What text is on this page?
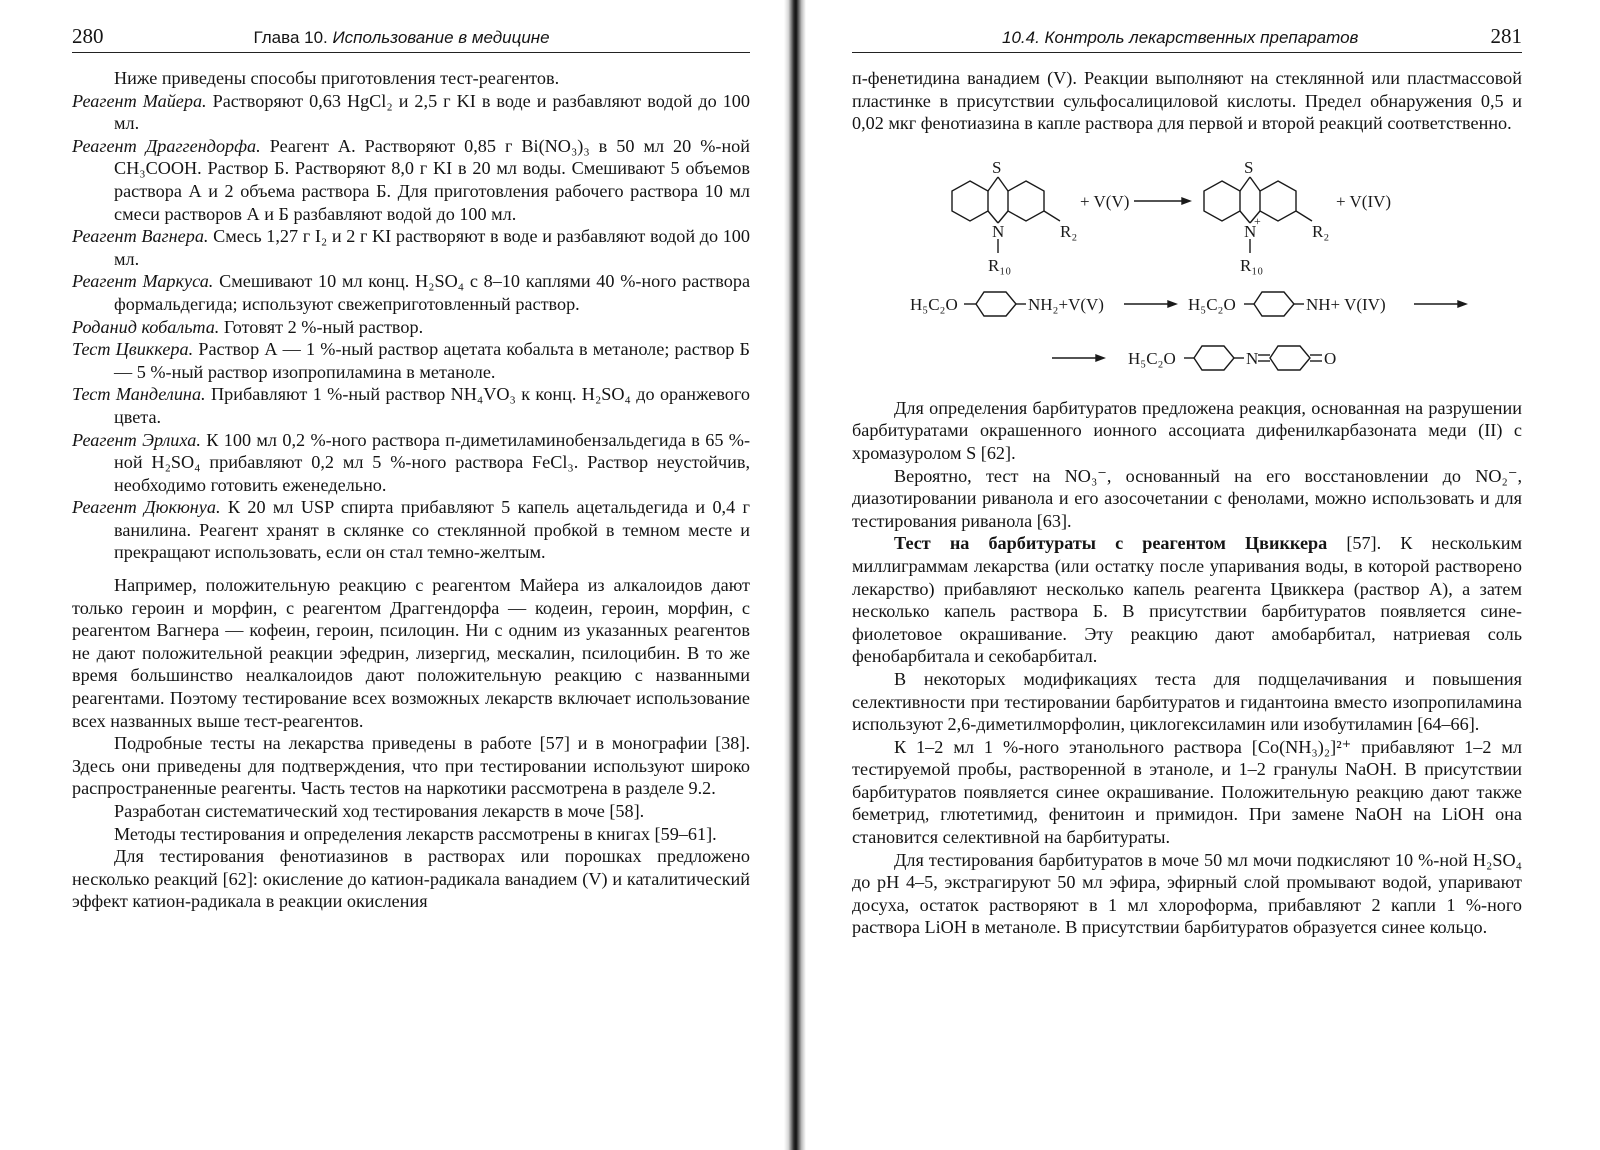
280	Глава 10. Использование в медицине

Ниже приведены способы приготовления тест-реагентов.

Реагент Майера. Растворяют 0,63 HgCl₂ и 2,5 г KI в воде и разбавляют водой до 100 мл.

Реагент Драггендорфа. Реагент А. Растворяют 0,85 г Bi(NO₃)₃ в 50 мл 20 %-ной CH₃COOH. Раствор Б. Растворяют 8,0 г KI в 20 мл воды. Смешивают 5 объемов раствора А и 2 объема раствора Б. Для приготовления рабочего раствора 10 мл смеси растворов А и Б разбавляют водой до 100 мл.

Реагент Вагнера. Смесь 1,27 г I₂ и 2 г KI растворяют в воде и разбавляют водой до 100 мл.

Реагент Маркуса. Смешивают 10 мл конц. H₂SO₄ с 8–10 каплями 40 %-ного раствора формальдегида; используют свежеприготовленный раствор.

Роданид кобальта. Готовят 2 %-ный раствор.

Тест Цвиккера. Раствор А — 1 %-ный раствор ацетата кобальта в метаноле; раствор Б — 5 %-ный раствор изопропиламина в метаноле.

Тест Манделина. Прибавляют 1 %-ный раствор NH₄VO₃ к конц. H₂SO₄ до оранжевого цвета.

Реагент Эрлиха. К 100 мл 0,2 %-ного раствора п-диметиламинобензальдегида в 65 %-ной H₂SO₄ прибавляют 0,2 мл 5 %-ного раствора FeCl₃. Раствор неустойчив, необходимо готовить еженедельно.

Реагент Дюкюнуа. К 20 мл USP спирта прибавляют 5 капель ацетальдегида и 0,4 г ванилина. Реагент хранят в склянке со стеклянной пробкой в темном месте и прекращают использовать, если он стал темно-желтым.

Например, положительную реакцию с реагентом Майера из алкалоидов дают только героин и морфин, с реагентом Драггендорфа — кодеин, героин, морфин, с реагентом Вагнера — кофеин, героин, псилоцин. Ни с одним из указанных реагентов не дают положительной реакции эфедрин, лизергид, мескалин, псилоцибин. В то же время большинство неалкалоидов дают положительную реакцию с названными реагентами. Поэтому тестирование всех возможных лекарств включает использование всех названных выше тест-реагентов.

Подробные тесты на лекарства приведены в работе [57] и в монографии [38]. Здесь они приведены для подтверждения, что при тестировании используют широко распространенные реагенты. Часть тестов на наркотики рассмотрена в разделе 9.2.

Разработан систематический ход тестирования лекарств в моче [58].

Методы тестирования и определения лекарств рассмотрены в книгах [59–61].

Для тестирования фенотиазинов в растворах или порошках предложено несколько реакций [62]: окисление до катион-радикала ванадием (V) и каталитический эффект катион-радикала в реакции окисления

10.4. Контроль лекарственных препаратов	281

п-фенетидина ванадием (V). Реакции выполняют на стеклянной или пластмассовой пластинке в присутствии сульфосалициловой кислоты. Предел обнаружения 0,5 и 0,02 мкг фенотиазина в капле раствора для первой и второй реакций соответственно.

S
N
R₁₀
R₂
+ V(V)
S
N
+
R₁₀
R₂
+ V(IV)
H₅C₂O	NH₂+V(V)	H₅C₂O	NH+ V(IV)
H₅C₂O	N	O

Для определения барбитуратов предложена реакция, основанная на разрушении барбитуратами окрашенного ионного ассоциата дифенилкарбазоната меди (II) с хромазуролом S [62].

Вероятно, тест на NO₃⁻, основанный на его восстановлении до NO₂⁻, диазотировании риванола и его азосочетании с фенолами, можно использовать и для тестирования риванола [63].

Тест на барбитураты с реагентом Цвиккера [57]. К нескольким миллиграммам лекарства (или остатку после упаривания воды, в которой растворено лекарство) прибавляют несколько капель реагента Цвиккера (раствор А), а затем несколько капель раствора Б. В присутствии барбитуратов появляется сине-фиолетовое окрашивание. Эту реакцию дают амобарбитал, натриевая соль фенобарбитала и секобарбитал.

В некоторых модификациях теста для подщелачивания и повышения селективности при тестировании барбитуратов и гидантоина вместо изопропиламина используют 2,6-диметилморфолин, циклогексиламин или изобутиламин [64–66].

К 1–2 мл 1 %-ного этанольного раствора [Co(NH₃)₂]²⁺ прибавляют 1–2 мл тестируемой пробы, растворенной в этаноле, и 1–2 гранулы NaOH. В присутствии барбитуратов появляется синее окрашивание. Положительную реакцию дают также беметрид, глютетимид, фенитоин и примидон. При замене NaOH на LiOH она становится селективной на барбитураты.

Для тестирования барбитуратов в моче 50 мл мочи подкисляют 10 %-ной H₂SO₄ до pH 4–5, экстрагируют 50 мл эфира, эфирный слой промывают водой, упаривают досуха, остаток растворяют в 1 мл хлороформа, прибавляют 2 капли 1 %-ного раствора LiOH в метаноле. В присутствии барбитуратов образуется синее кольцо.
